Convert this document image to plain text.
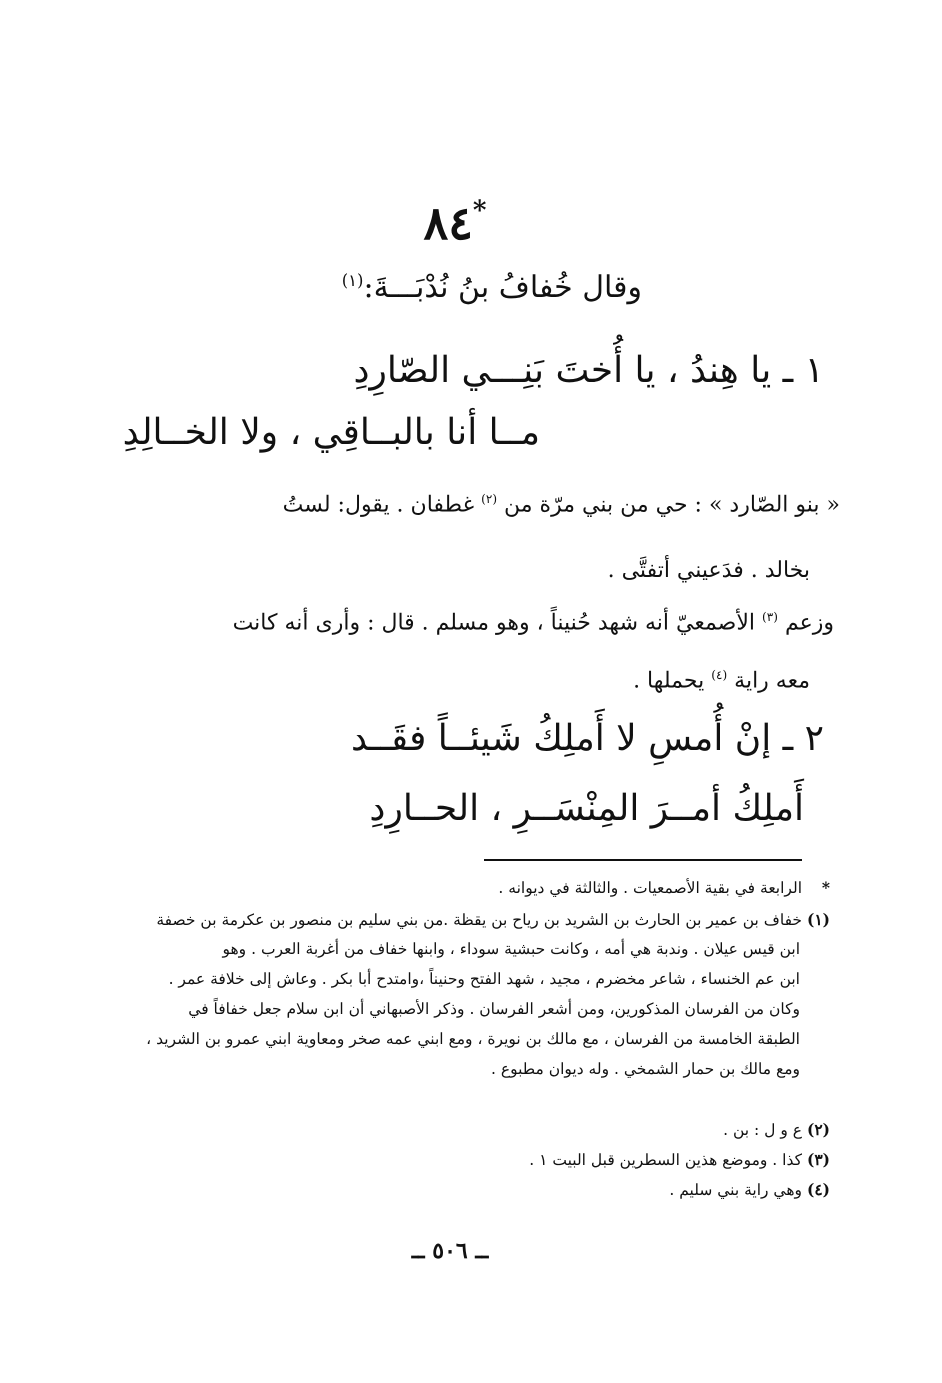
٨٤*
وقال خُفافُ بنُ نُدْبَـــةَ:$^{(١)}$

١ ـ يا هِندُ ، يا أُختَ بَنِـــي الصّارِدِ

مــا أنا بالبــاقِي ، ولا الخــالِدِ

« بنو الصّارد » : حي من بني مرّة من $^{(٢)}$ غطفان . يقول: لستُ

بخالد . فدَعيني أتفتَّى .

وزعم $^{(٣)}$ الأصمعيّ أنه شهد حُنيناً ، وهو مسلم . قال : وأرى أنه كانت

معه راية $^{(٤)}$ يحملها .

٢ ـ إنْ أُمسِ لا أَملِكُ شَيئــاً فقَــد

أَملِكُ أمــرَ المِنْسَــرِ ، الحــارِدِ

*الرابعة في بقية الأصمعيات . والثالثة في ديوانه .

(١)خفاف بن عمير بن الحارث بن الشريد بن رياح بن يقظة .من بني سليم بن منصور بن عكرمة بن خصفة

ابن قيس عيلان . وندبة هي أمه ، وكانت حبشية سوداء ، وابنها خفاف من أغربة العرب . وهو

ابن عم الخنساء ، شاعر مخضرم ، مجيد ، شهد الفتح وحنيناً ،وامتدح أبا بكر . وعاش إلى خلافة عمر .

وكان من الفرسان المذكورين، ومن أشعر الفرسان . وذكر الأصبهاني أن ابن سلام جعل خفافاً في

الطبقة الخامسة من الفرسان ، مع مالك بن نويرة ، ومع ابني عمه صخر ومعاوية ابني عمرو بن الشريد ،

ومع مالك بن حمار الشمخي . وله ديوان مطبوع .

(٢)ع و ل : بن .

(٣)كذا . وموضع هذين السطرين قبل البيت ١ .

(٤)وهي راية بني سليم .

ــ ٥٠٦ ــ
